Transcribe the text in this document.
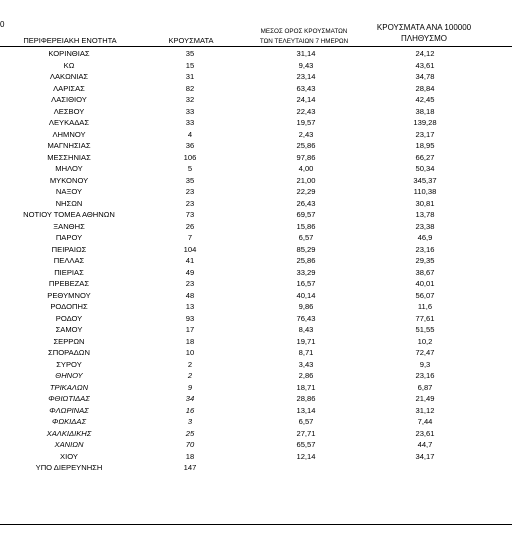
0
ΠΕΡΙΦΕΡΕΙΑΚΗ ΕΝΟΤΗΤΑ	ΚΡΟΥΣΜΑΤΑ
ΜΕΣΟΣ ΟΡΟΣ ΚΡΟΥΣΜΑΤΩΝ
ΤΩΝ ΤΕΛΕΥΤΑΙΩΝ 7 ΗΜΕΡΩΝ
ΚΡΟΥΣΜΑΤΑ ΑΝΑ 100000
ΠΛΗΘΥΣΜΟ
ΚΟΡΙΝΘΙΑΣ	35	31,14	24,12
ΚΩ	15	9,43	43,61
ΛΑΚΩΝΙΑΣ	31	23,14	34,78
ΛΑΡΙΣΑΣ	82	63,43	28,84
ΛΑΣΙΘΙΟΥ	32	24,14	42,45
ΛΕΣΒΟΥ	33	22,43	38,18
ΛΕΥΚΑΔΑΣ	33	19,57	139,28
ΛΗΜΝΟΥ	4	2,43	23,17
ΜΑΓΝΗΣΙΑΣ	36	25,86	18,95
ΜΕΣΣΗΝΙΑΣ	106	97,86	66,27
ΜΗΛΟΥ	5	4,00	50,34
ΜΥΚΟΝΟΥ	35	21,00	345,37
ΝΑΞΟΥ	23	22,29	110,38
ΝΗΣΩΝ	23	26,43	30,81
ΝΟΤΙΟΥ ΤΟΜΕΑ ΑΘΗΝΩΝ	73	69,57	13,78
ΞΑΝΘΗΣ	26	15,86	23,38
ΠΑΡΟΥ	7	6,57	46,9
ΠΕΙΡΑΙΩΣ	104	85,29	23,16
ΠΕΛΛΑΣ	41	25,86	29,35
ΠΙΕΡΙΑΣ	49	33,29	38,67
ΠΡΕΒΕΖΑΣ	23	16,57	40,01
ΡΕΘΥΜΝΟΥ	48	40,14	56,07
ΡΟΔΟΠΗΣ	13	9,86	11,6
ΡΟΔΟΥ	93	76,43	77,61
ΣΑΜΟΥ	17	8,43	51,55
ΣΕΡΡΩΝ	18	19,71	10,2
ΣΠΟΡΑΔΩΝ	10	8,71	72,47
ΣΥΡΟΥ	2	3,43	9,3
ΘΗΝΟΥ	2	2,86	23,16
ΤΡΙΚΑΛΩΝ	9	18,71	6,87
ΦΘΙΩΤΙΔΑΣ	34	28,86	21,49
ΦΛΩΡΙΝΑΣ	16	13,14	31,12
ΦΩΚΙΔΑΣ	3	6,57	7,44
ΧΑΛΚΙΔΙΚΗΣ	25	27,71	23,61
ΧΑΝΙΩΝ	70	65,57	44,7
ΧΙΟΥ	18	12,14	34,17
ΥΠΟ ΔΙΕΡΕΥΝΗΣΗ	147
